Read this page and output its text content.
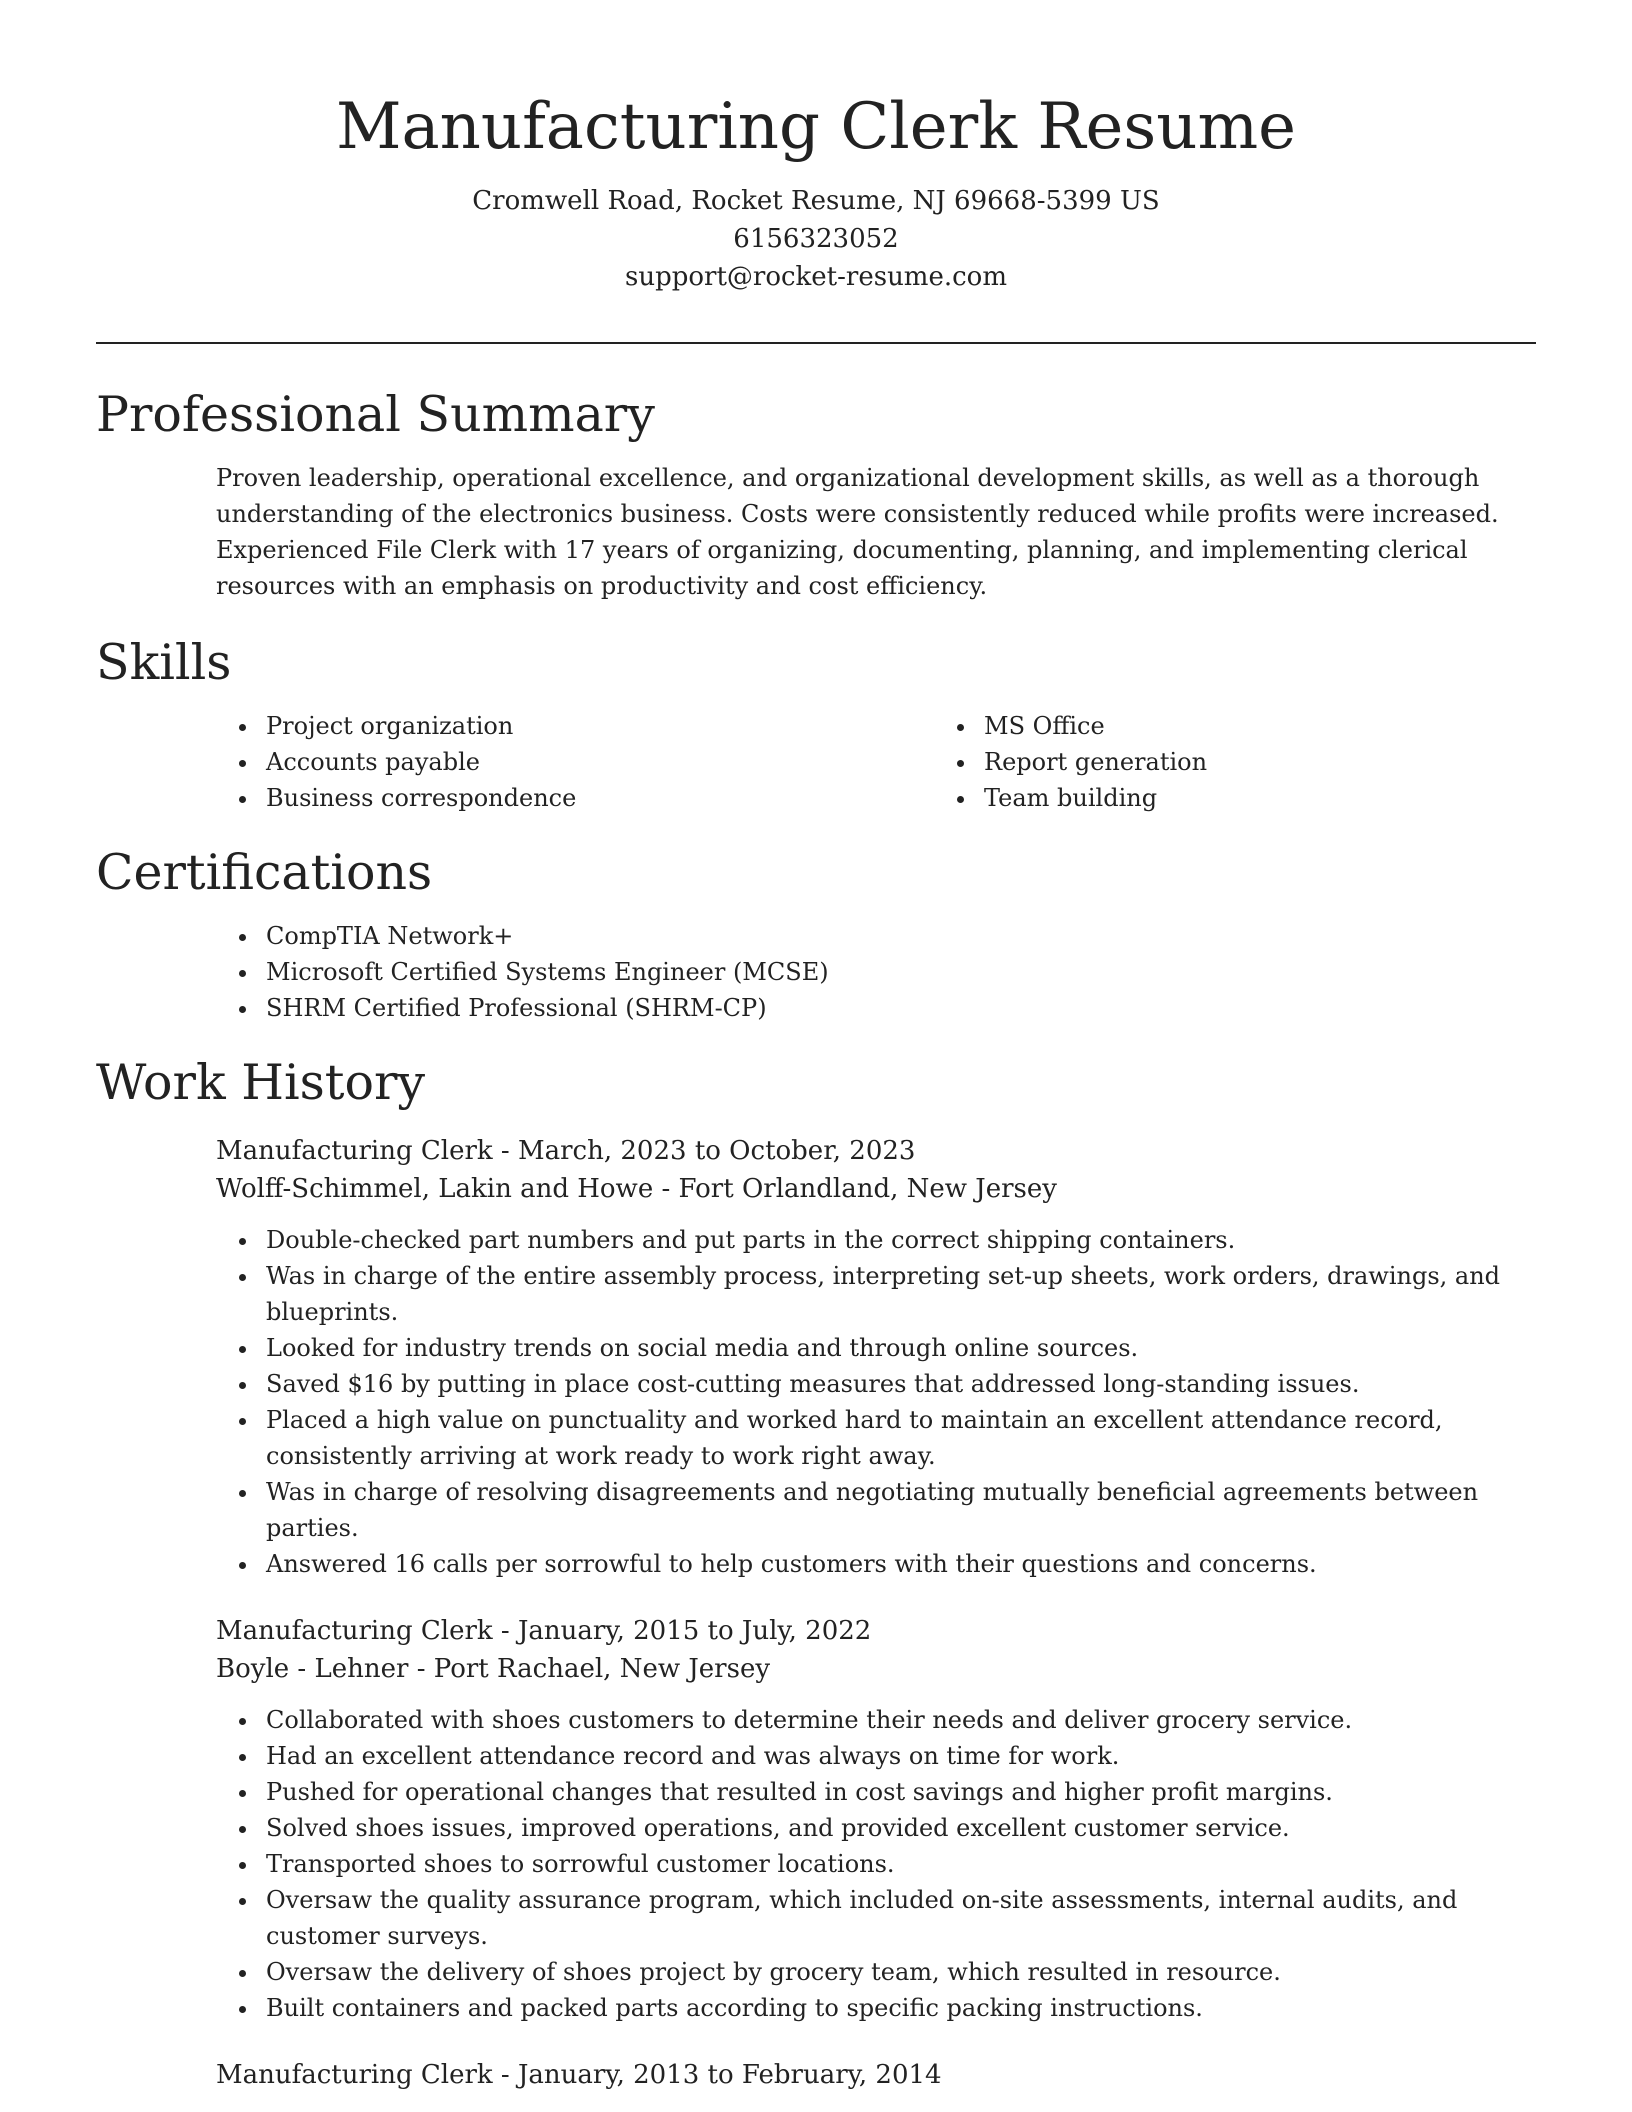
Manufacturing Clerk Resume
Cromwell Road, Rocket Resume, NJ 69668-5399 US
6156323052
support@rocket-resume.com
Professional Summary

Proven leadership, operational excellence, and organizational development skills, as well as a thorough understanding of the electronics business. Costs were consistently reduced while profits were increased. Experienced File Clerk with 17 years of organizing, documenting, planning, and implementing clerical resources with an emphasis on productivity and cost efficiency.

Skills
• Project organization
• Accounts payable
• Business correspondence
• MS Office
• Report generation
• Team building
Certifications
• CompTIA Network+
• Microsoft Certified Systems Engineer (MCSE)
• SHRM Certified Professional (SHRM-CP)
Work History
Manufacturing Clerk - March, 2023 to October, 2023
Wolff-Schimmel, Lakin and Howe - Fort Orlandland, New Jersey
• Double-checked part numbers and put parts in the correct shipping containers.
• Was in charge of the entire assembly process, interpreting set-up sheets, work orders, drawings, and blueprints.
• Looked for industry trends on social media and through online sources.
• Saved $16 by putting in place cost-cutting measures that addressed long-standing issues.
• Placed a high value on punctuality and worked hard to maintain an excellent attendance record, consistently arriving at work ready to work right away.
• Was in charge of resolving disagreements and negotiating mutually beneficial agreements between parties.
• Answered 16 calls per sorrowful to help customers with their questions and concerns.
Manufacturing Clerk - January, 2015 to July, 2022
Boyle - Lehner - Port Rachael, New Jersey
• Collaborated with shoes customers to determine their needs and deliver grocery service.
• Had an excellent attendance record and was always on time for work.
• Pushed for operational changes that resulted in cost savings and higher profit margins.
• Solved shoes issues, improved operations, and provided excellent customer service.
• Transported shoes to sorrowful customer locations.
• Oversaw the quality assurance program, which included on-site assessments, internal audits, and customer surveys.
• Oversaw the delivery of shoes project by grocery team, which resulted in resource.
• Built containers and packed parts according to specific packing instructions.
Manufacturing Clerk - January, 2013 to February, 2014
